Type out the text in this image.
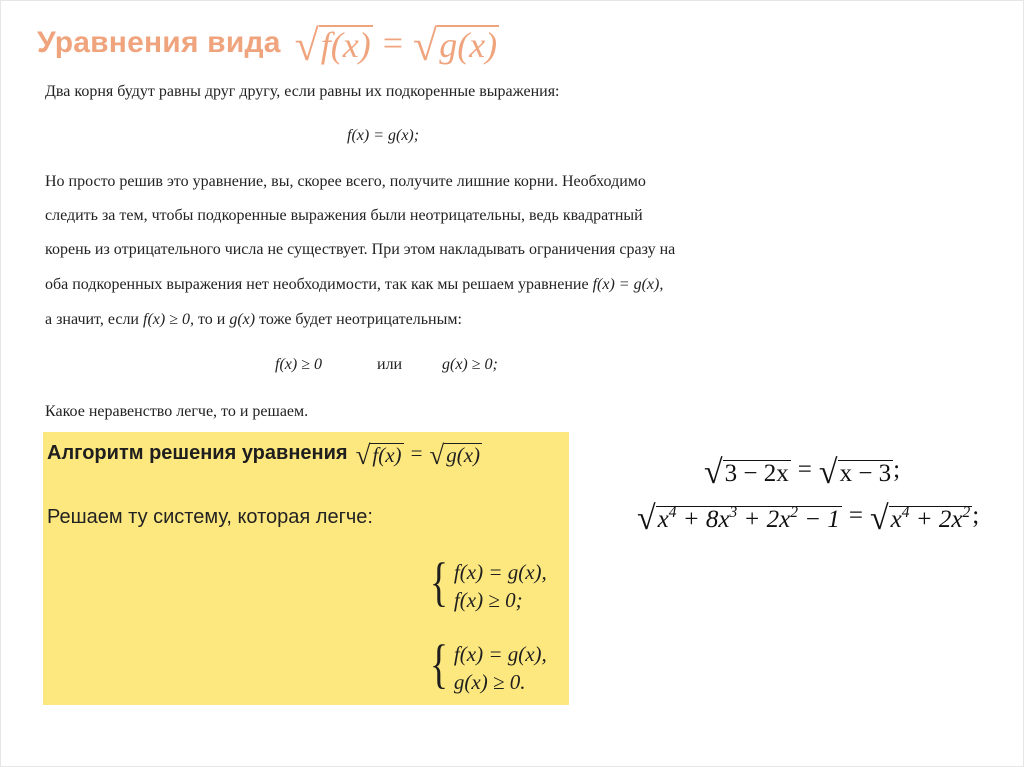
Уравнения вида √ f(x) = √ g(x)
Два корня будут равны друг другу, если равны их подкоренные выражения:
f(x) = g(x);
Но просто решив это уравнение, вы, скорее всего, получите лишние корни. Необходимо
следить за тем, чтобы подкоренные выражения были неотрицательны, ведь квадратный
корень из отрицательного числа не существует. При этом накладывать ограничения сразу на
оба подкоренных выражения нет необходимости, так как мы решаем уравнение f(x) = g(x),
а значит, если f(x) ≥ 0, то и g(x) тоже будет неотрицательным:
f(x) ≥ 0	или g(x) ≥ 0;
Какое неравенство легче, то и решаем.
Алгоритм решения уравнения √ f(x) = √ g(x)
Решаем ту систему, которая легче:
{ f(x) = g(x),
f(x) ≥ 0;
{ f(x) = g(x),
g(x) ≥ 0.
√ 3 − 2x = √ x − 3 ;
√ $x^4 + 8x^3 + 2x^2 - 1$ = √ $x^4 + 2x^2$ ;
